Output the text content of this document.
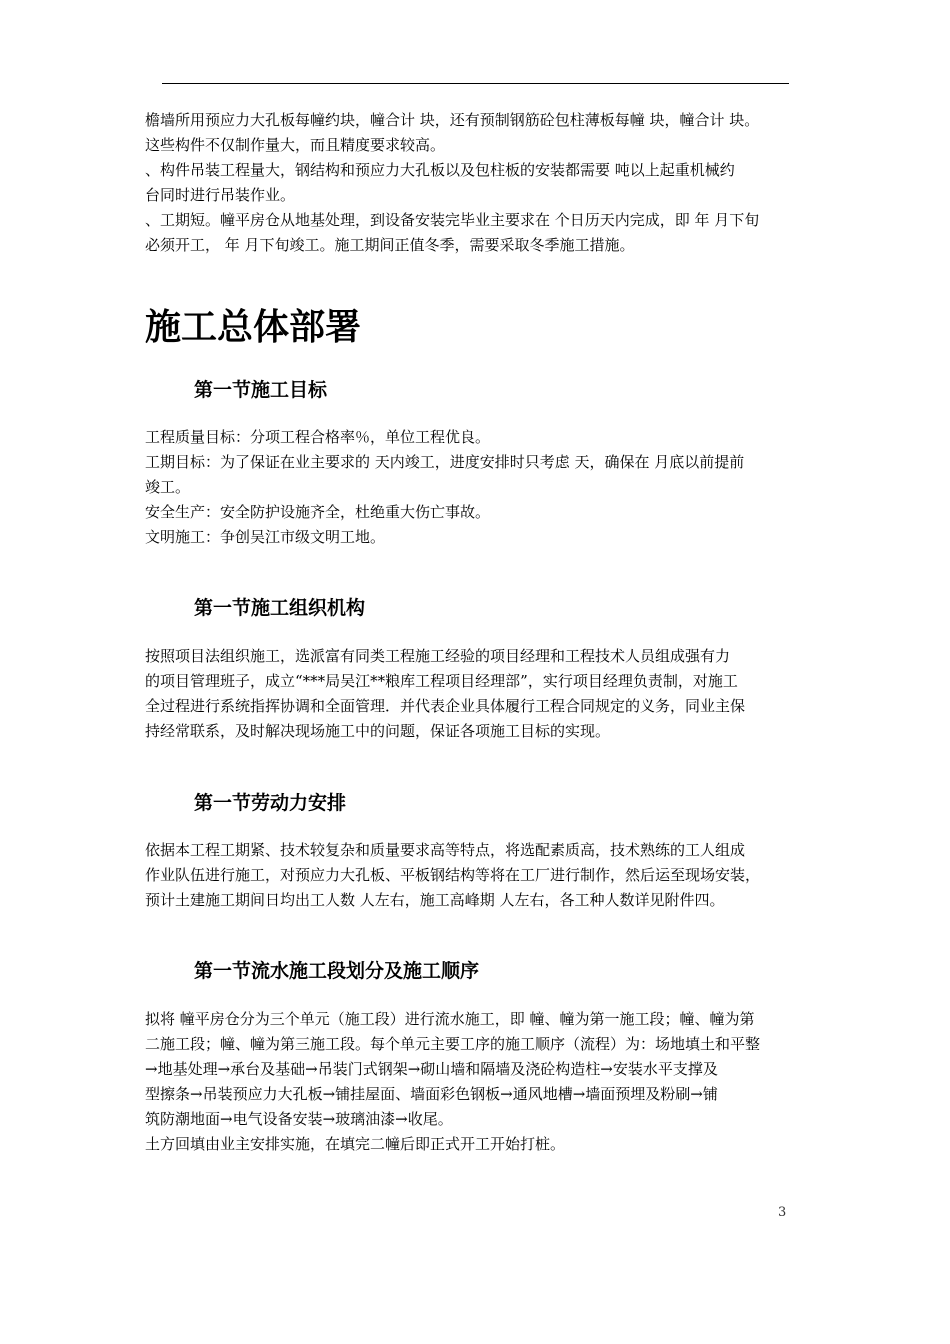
檐墙所用预应力大孔板每幢约块，幢合计 块，还有预制钢筋砼包柱薄板每幢 块，幢合计 块。
这些构件不仅制作量大，而且精度要求较高。
、构件吊装工程量大，钢结构和预应力大孔板以及包柱板的安装都需要 吨以上起重机械约
台同时进行吊装作业。
、工期短。幢平房仓从地基处理，到设备安装完毕业主要求在 个日历天内完成，即 年 月下旬
必须开工， 年 月下旬竣工。施工期间正值冬季，需要采取冬季施工措施。
施工总体部署
第一节施工目标
工程质量目标：分项工程合格率％，单位工程优良。
工期目标：为了保证在业主要求的 天内竣工，进度安排时只考虑 天，确保在 月底以前提前
竣工。
安全生产：安全防护设施齐全，杜绝重大伤亡事故。
文明施工：争创吴江市级文明工地。
第一节施工组织机构
按照项目法组织施工，选派富有同类工程施工经验的项目经理和工程技术人员组成强有力
的项目管理班子，成立“***局吴江**粮库工程项目经理部”，实行项目经理负责制，对施工
全过程进行系统指挥协调和全面管理．并代表企业具体履行工程合同规定的义务，同业主保
持经常联系，及时解决现场施工中的问题，保证各项施工目标的实现。
第一节劳动力安排
依据本工程工期紧、技术较复杂和质量要求高等特点，将选配素质高，技术熟练的工人组成
作业队伍进行施工，对预应力大孔板、平板钢结构等将在工厂进行制作，然后运至现场安装，
预计土建施工期间日均出工人数 人左右，施工高峰期 人左右，各工种人数详见附件四。
第一节流水施工段划分及施工顺序
拟将 幢平房仓分为三个单元（施工段）进行流水施工，即 幢、幢为第一施工段；幢、幢为第
二施工段；幢、幢为第三施工段。每个单元主要工序的施工顺序（流程）为：场地填土和平整
→地基处理→承台及基础→吊装门式钢架→砌山墙和隔墙及浇砼构造柱→安装水平支撑及
型擦条→吊装预应力大孔板→铺挂屋面、墙面彩色钢板→通风地槽→墙面预埋及粉刷→铺
筑防潮地面→电气设备安装→玻璃油漆→收尾。
土方回填由业主安排实施，在填完二幢后即正式开工开始打桩。
3
